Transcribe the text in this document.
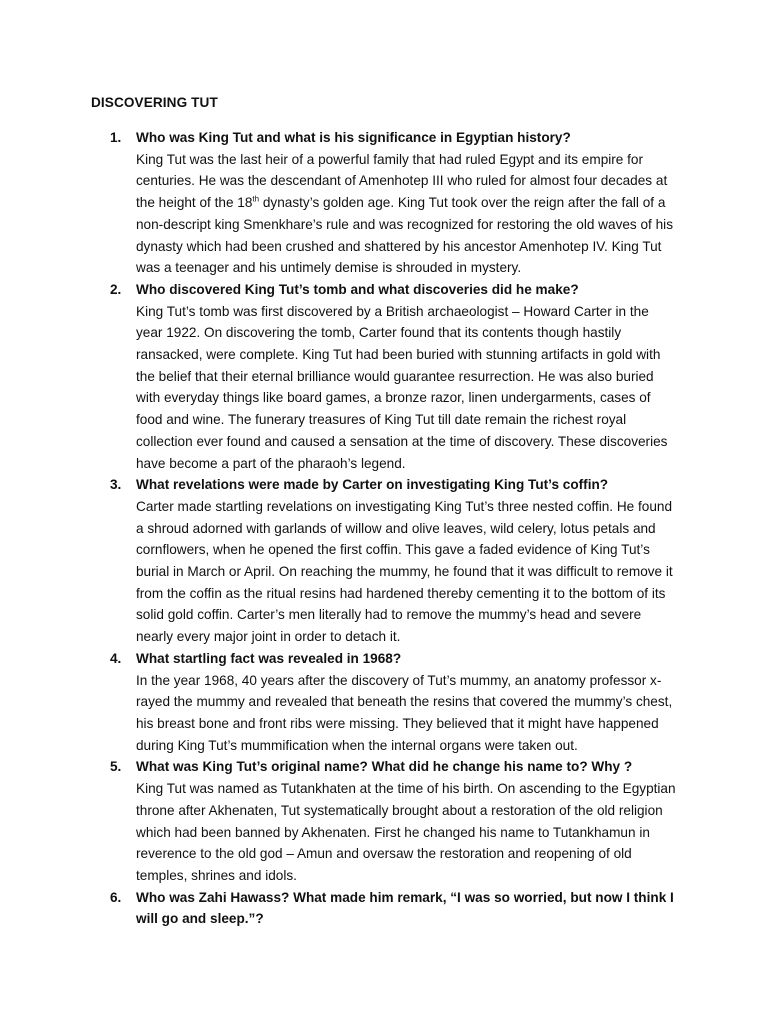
DISCOVERING TUT
1. Who was King Tut and what is his significance in Egyptian history?
King Tut was the last heir of a powerful family that had ruled Egypt and its empire for centuries. He was the descendant of Amenhotep III who ruled for almost four decades at the height of the 18th dynasty’s golden age. King Tut took over the reign after the fall of a non-descript king Smenkhare’s rule and was recognized for restoring the old waves of his dynasty which had been crushed and shattered by his ancestor Amenhotep IV. King Tut was a teenager and his untimely demise is shrouded in mystery.
2. Who discovered King Tut’s tomb and what discoveries did he make?
King Tut’s tomb was first discovered by a British archaeologist – Howard Carter in the year 1922. On discovering the tomb, Carter found that its contents though hastily ransacked, were complete. King Tut had been buried with stunning artifacts in gold with the belief that their eternal brilliance would guarantee resurrection. He was also buried with everyday things like board games, a bronze razor, linen undergarments, cases of food and wine. The funerary treasures of King Tut till date remain the richest royal collection ever found and caused a sensation at the time of discovery. These discoveries have become a part of the pharaoh’s legend.
3. What revelations were made by Carter on investigating King Tut’s coffin?
Carter made startling revelations on investigating King Tut’s three nested coffin. He found a shroud adorned with garlands of willow and olive leaves, wild celery, lotus petals and cornflowers, when he opened the first coffin. This gave a faded evidence of King Tut’s burial in March or April. On reaching the mummy, he found that it was difficult to remove it from the coffin as the ritual resins had hardened thereby cementing it to the bottom of its solid gold coffin. Carter’s men literally had to remove the mummy’s head and severe nearly every major joint in order to detach it.
4. What startling fact was revealed in 1968?
In the year 1968, 40 years after the discovery of Tut’s mummy, an anatomy professor x-rayed the mummy and revealed that beneath the resins that covered the mummy’s chest, his breast bone and front ribs were missing. They believed that it might have happened during King Tut’s mummification when the internal organs were taken out.
5. What was King Tut’s original name? What did he change his name to? Why ?
King Tut was named as Tutankhaten at the time of his birth. On ascending to the Egyptian throne after Akhenaten, Tut systematically brought about a restoration of the old religion which had been banned by Akhenaten. First he changed his name to Tutankhamun in reverence to the old god – Amun and oversaw the restoration and reopening of old temples, shrines and idols.
6. Who was Zahi Hawass? What made him remark, “I was so worried, but now I think I will go and sleep.”?
